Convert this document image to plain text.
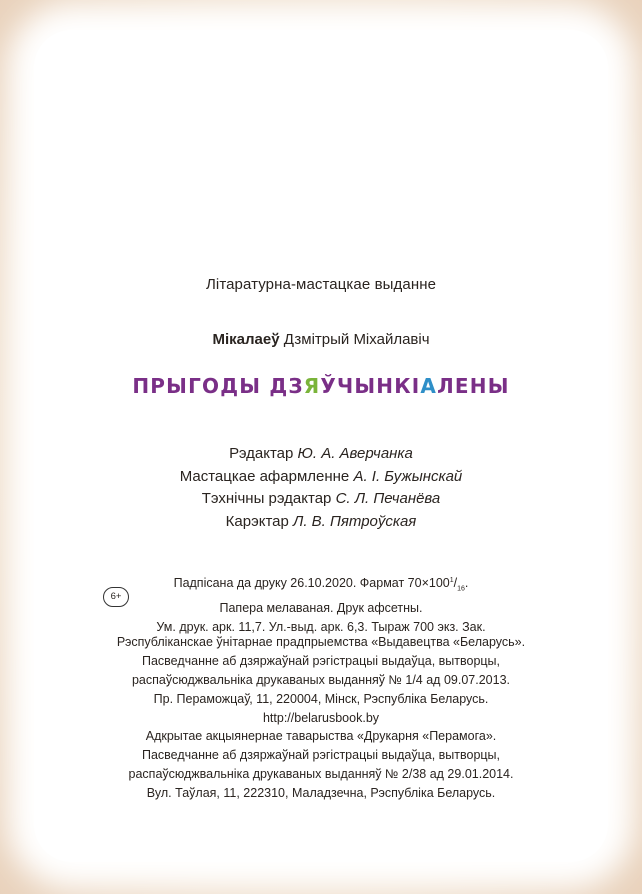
Літаратурна-мастацкае выданне
Мікалаеў Дзмітрый Міхайлавіч
ПРЫГОДЫ ДЗЯЎЧЫНКІАЛЕНЫ
Рэдактар Ю. А. Аверчанка
Мастацкае афармленне А. І. Бужынскай
Тэхнічны рэдактар С. Л. Печанёва
Карэктар Л. В. Пятроўская
6+
Падпісана да друку 26.10.2020. Фармат $70\times 100^1/_{16}$.
Папера мелаваная. Друк афсетны.
Ум. друк. арк. 11,7. Ул.-выд. арк. 6,3. Тыраж 700 экз. Зак.
Рэспубліканскае ўнітарнае прадпрыемства «Выдавецтва «Беларусь».
Пасведчанне аб дзяржаўнай рэгістрацыі выдаўца, вытворцы,
распаўсюджвальніка друкаваных выданняў № 1/4 ад 09.07.2013.
Пр. Пераможцаў, 11, 220004, Мінск, Рэспубліка Беларусь.
http://belarusbook.by
Адкрытае акцыянернае таварыства «Друкарня «Перамога».
Пасведчанне аб дзяржаўнай рэгістрацыі выдаўца, вытворцы,
распаўсюджвальніка друкаваных выданняў № 2/38 ад 29.01.2014.
Вул. Таўлая, 11, 222310, Маладзечна, Рэспубліка Беларусь.
